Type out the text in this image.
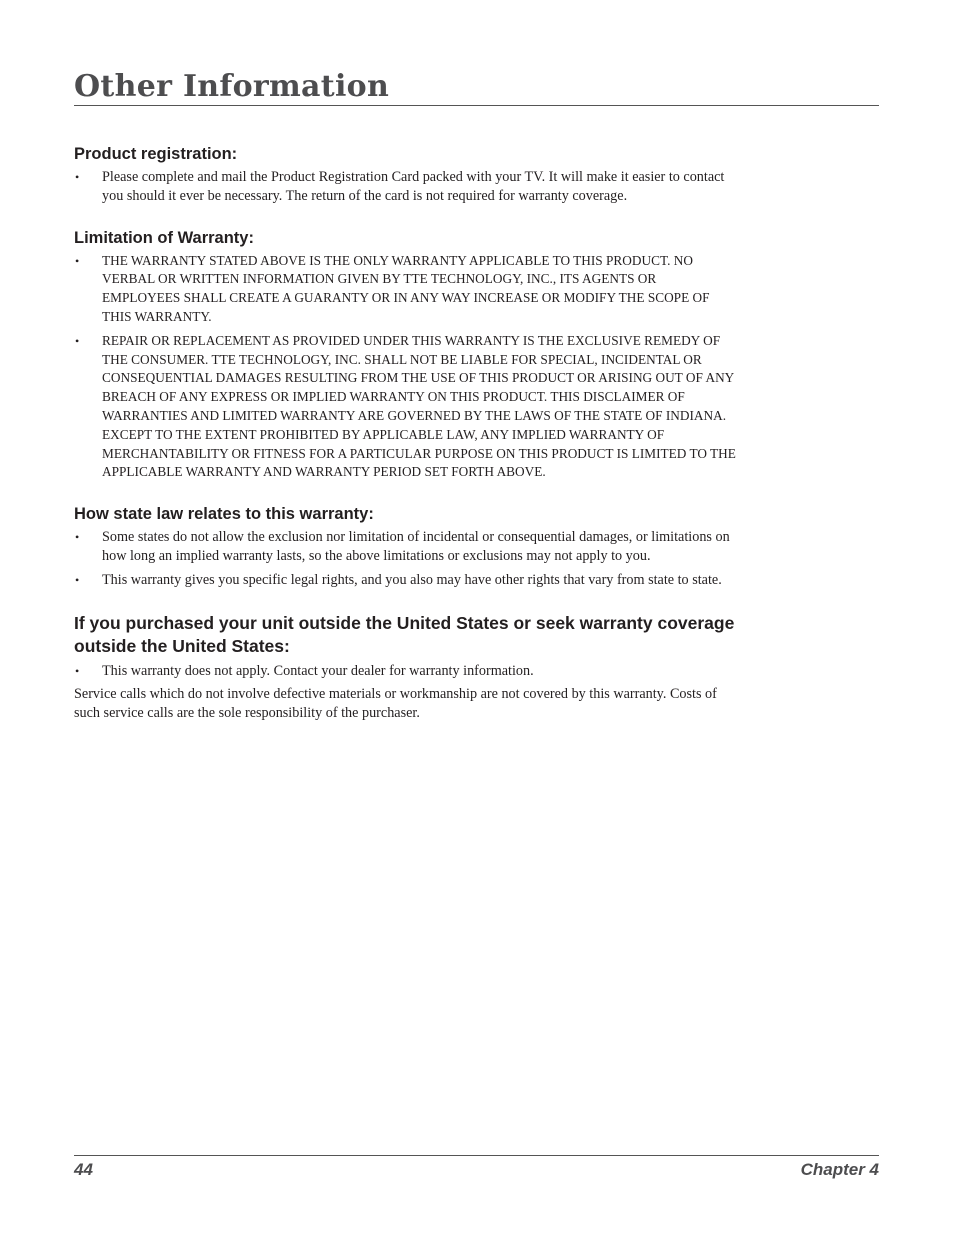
Other Information
Product registration:
• Please complete and mail the Product Registration Card packed with your TV. It will make it easier to contact you should it ever be necessary. The return of the card is not required for warranty coverage.
Limitation of Warranty:
• THE WARRANTY STATED ABOVE IS THE ONLY WARRANTY APPLICABLE TO THIS PRODUCT. NO VERBAL OR WRITTEN INFORMATION GIVEN BY TTE TECHNOLOGY, INC., ITS AGENTS OR EMPLOYEES SHALL CREATE A GUARANTY OR IN ANY WAY INCREASE OR MODIFY THE SCOPE OF THIS WARRANTY.
• REPAIR OR REPLACEMENT AS PROVIDED UNDER THIS WARRANTY IS THE EXCLUSIVE REMEDY OF THE CONSUMER. TTE TECHNOLOGY, INC. SHALL NOT BE LIABLE FOR SPECIAL, INCIDENTAL OR CONSEQUENTIAL DAMAGES RESULTING FROM THE USE OF THIS PRODUCT OR ARISING OUT OF ANY BREACH OF ANY EXPRESS OR IMPLIED WARRANTY ON THIS PRODUCT. THIS DISCLAIMER OF WARRANTIES AND LIMITED WARRANTY ARE GOVERNED BY THE LAWS OF THE STATE OF INDIANA. EXCEPT TO THE EXTENT PROHIBITED BY APPLICABLE LAW, ANY IMPLIED WARRANTY OF MERCHANTABILITY OR FITNESS FOR A PARTICULAR PURPOSE ON THIS PRODUCT IS LIMITED TO THE APPLICABLE WARRANTY AND WARRANTY PERIOD SET FORTH ABOVE.
How state law relates to this warranty:
• Some states do not allow the exclusion nor limitation of incidental or consequential damages, or limitations on how long an implied warranty lasts, so the above limitations or exclusions may not apply to you.
• This warranty gives you specific legal rights, and you also may have other rights that vary from state to state.
If you purchased your unit outside the United States or seek warranty coverage outside the United States:
• This warranty does not apply. Contact your dealer for warranty information.

Service calls which do not involve defective materials or workmanship are not covered by this warranty. Costs of such service calls are the sole responsibility of the purchaser.

44	Chapter 4
